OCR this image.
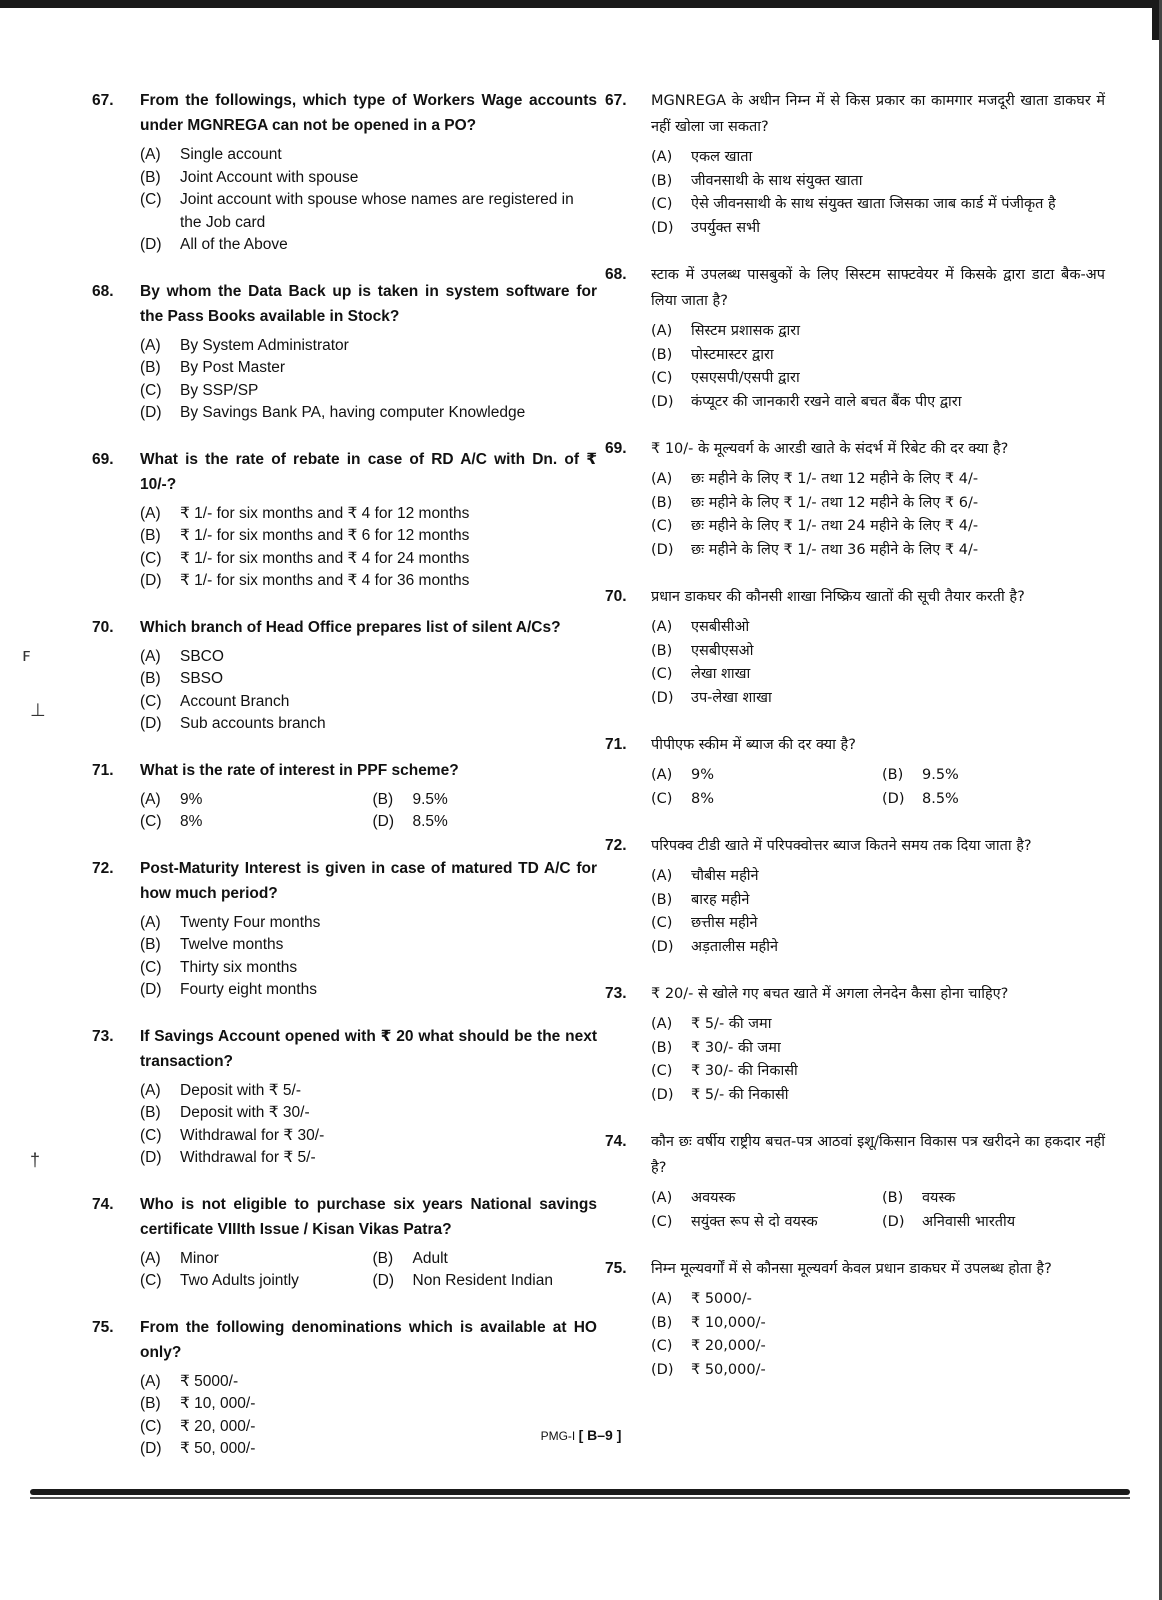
ꜰ
⊥
†
67. From the followings, which type of Workers Wage accounts under MGNREGA can not be opened in a PO?
(A) Single account
(B) Joint Account with spouse
(C) Joint account with spouse whose names are registered in the Job card
(D) All of the Above
68. By whom the Data Back up is taken in system software for the Pass Books available in Stock?
(A) By System Administrator
(B) By Post Master
(C) By SSP/SP
(D) By Savings Bank PA, having computer Knowledge
69. What is the rate of rebate in case of RD A/C with Dn. of ₹ 10/-?
(A) ₹ 1/- for six months and ₹ 4 for 12 months
(B) ₹ 1/- for six months and ₹ 6 for 12 months
(C) ₹ 1/- for six months and ₹ 4 for 24 months
(D) ₹ 1/- for six months and ₹ 4 for 36 months
70. Which branch of Head Office prepares list of silent A/Cs?
(A) SBCO
(B) SBSO
(C) Account Branch
(D) Sub accounts branch
71. What is the rate of interest in PPF scheme?
(A) 9%	(B) 9.5%
(C) 8%	(D) 8.5%
72. Post-Maturity Interest is given in case of matured TD A/C for how much period?
(A) Twenty Four months
(B) Twelve months
(C) Thirty six months
(D) Fourty eight months
73. If Savings Account opened with ₹ 20 what should be the next transaction?
(A) Deposit with ₹ 5/-
(B) Deposit with ₹ 30/-
(C) Withdrawal for ₹ 30/-
(D) Withdrawal for ₹ 5/-
74. Who is not eligible to purchase six years National savings certificate VIIIth Issue / Kisan Vikas Patra?
(A) Minor	(B) Adult
(C) Two Adults jointly	(D) Non Resident Indian
75. From the following denominations which is available at HO only?
(A) ₹ 5000/-
(B) ₹ 10, 000/-
(C) ₹ 20, 000/-
(D) ₹ 50, 000/-
67. MGNREGA के अधीन निम्न में से किस प्रकार का कामगार मजदूरी खाता डाकघर में नहीं खोला जा सकता?
(A) एकल खाता
(B) जीवनसाथी के साथ संयुक्त खाता
(C) ऐसे जीवनसाथी के साथ संयुक्त खाता जिसका जाब कार्ड में पंजीकृत है
(D) उपर्युक्त सभी
68. स्टाक में उपलब्ध पासबुकों के लिए सिस्टम साफ्टवेयर में किसके द्वारा डाटा बैक-अप लिया जाता है?
(A) सिस्टम प्रशासक द्वारा
(B) पोस्टमास्टर द्वारा
(C) एसएसपी/एसपी द्वारा
(D) कंप्यूटर की जानकारी रखने वाले बचत बैंक पीए द्वारा
69. ₹ 10/- के मूल्यवर्ग के आरडी खाते के संदर्भ में रिबेट की दर क्या है?
(A) छः महीने के लिए ₹ 1/- तथा 12 महीने के लिए ₹ 4/-
(B) छः महीने के लिए ₹ 1/- तथा 12 महीने के लिए ₹ 6/-
(C) छः महीने के लिए ₹ 1/- तथा 24 महीने के लिए ₹ 4/-
(D) छः महीने के लिए ₹ 1/- तथा 36 महीने के लिए ₹ 4/-
70. प्रधान डाकघर की कौनसी शाखा निष्क्रिय खातों की सूची तैयार करती है?
(A) एसबीसीओ
(B) एसबीएसओ
(C) लेखा शाखा
(D) उप-लेखा शाखा
71. पीपीएफ स्कीम में ब्याज की दर क्या है?
(A) 9%	(B) 9.5%
(C) 8%	(D) 8.5%
72. परिपक्व टीडी खाते में परिपक्वोत्तर ब्याज कितने समय तक दिया जाता है?
(A) चौबीस महीने
(B) बारह महीने
(C) छत्तीस महीने
(D) अड़तालीस महीने
73. ₹ 20/- से खोले गए बचत खाते में अगला लेनदेन कैसा होना चाहिए?
(A) ₹ 5/- की जमा
(B) ₹ 30/- की जमा
(C) ₹ 30/- की निकासी
(D) ₹ 5/- की निकासी
74. कौन छः वर्षीय राष्ट्रीय बचत-पत्र आठवां इशू/किसान विकास पत्र खरीदने का हकदार नहीं है?
(A) अवयस्क	(B) वयस्क
(C) सयुंक्त रूप से दो वयस्क	(D) अनिवासी भारतीय
75. निम्न मूल्यवर्गों में से कौनसा मूल्यवर्ग केवल प्रधान डाकघर में उपलब्ध होता है?
(A) ₹ 5000/-
(B) ₹ 10,000/-
(C) ₹ 20,000/-
(D) ₹ 50,000/-
PMG-I [ B–9 ]
